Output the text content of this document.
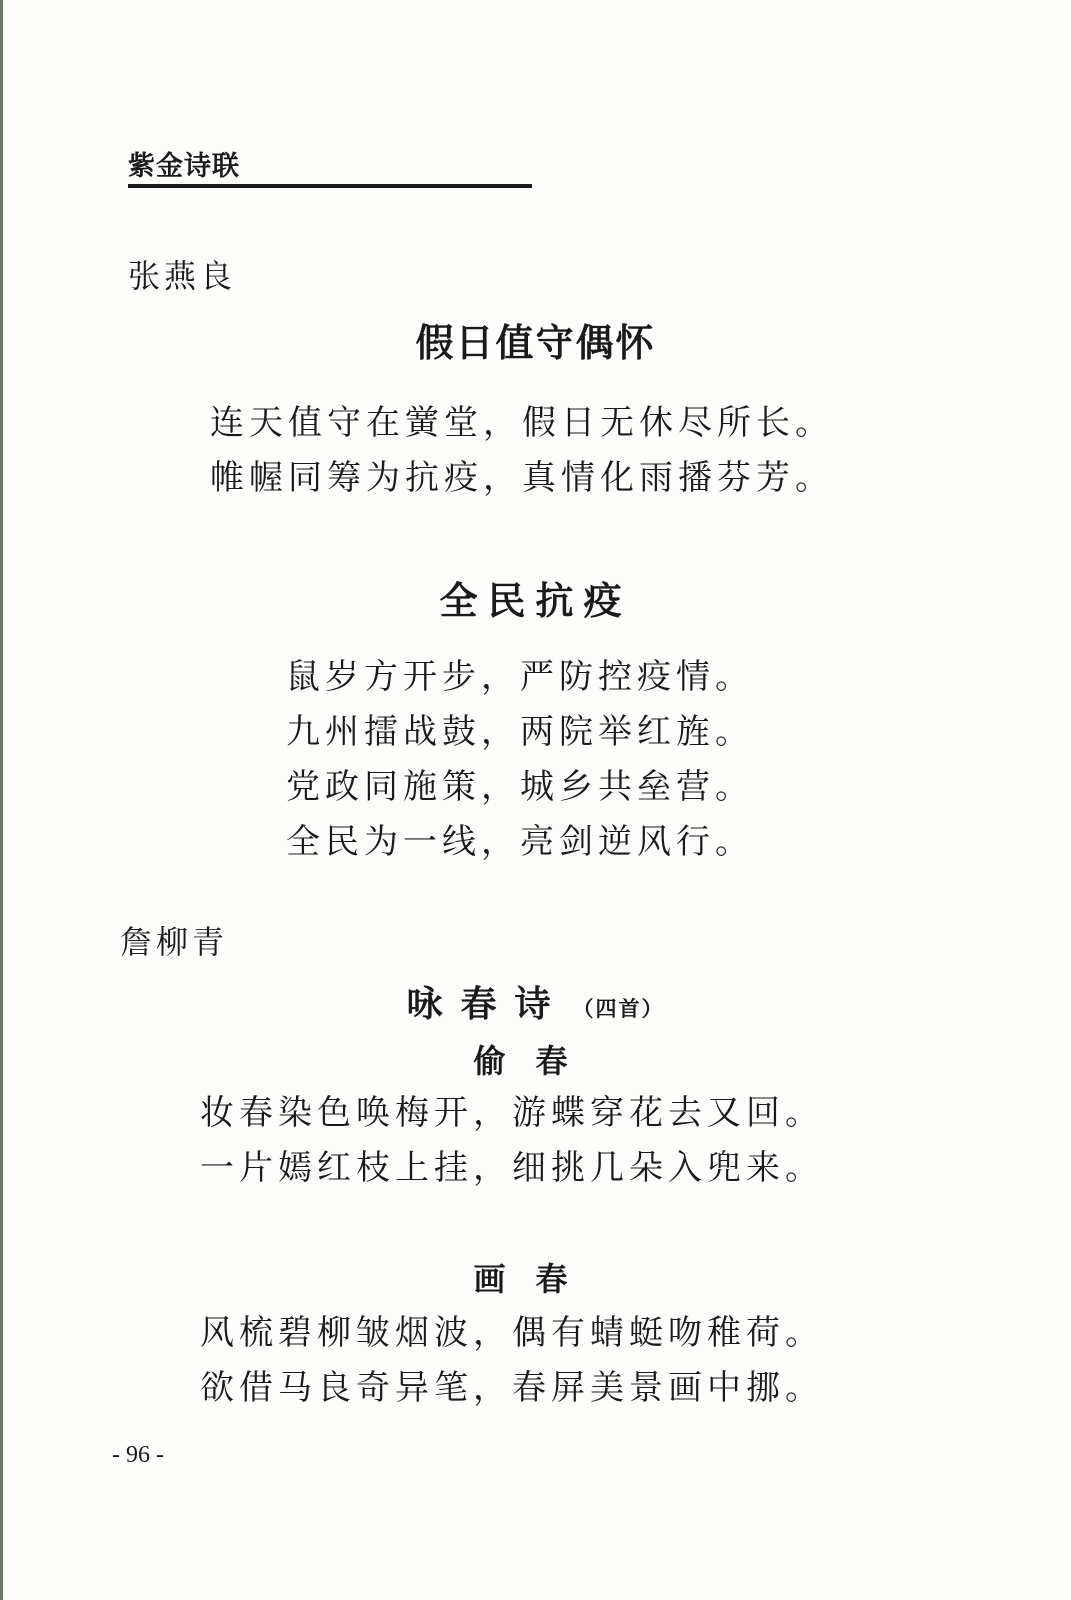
紫金诗联
张燕良
假日值守偶怀
连天值守在黉堂，假日无休尽所长。
帷幄同筹为抗疫，真情化雨播芬芳。
全民抗疫
鼠岁方开步，严防控疫情。
九州擂战鼓，两院举红旌。
党政同施策，城乡共垒营。
全民为一线，亮剑逆风行。
詹柳青
咏春诗 （四首）
偷春
妆春染色唤梅开，游蝶穿花去又回。
一片嫣红枝上挂，细挑几朵入兜来。
画春
风梳碧柳皱烟波，偶有蜻蜓吻稚荷。
欲借马良奇异笔，春屏美景画中挪。
- 96 -
